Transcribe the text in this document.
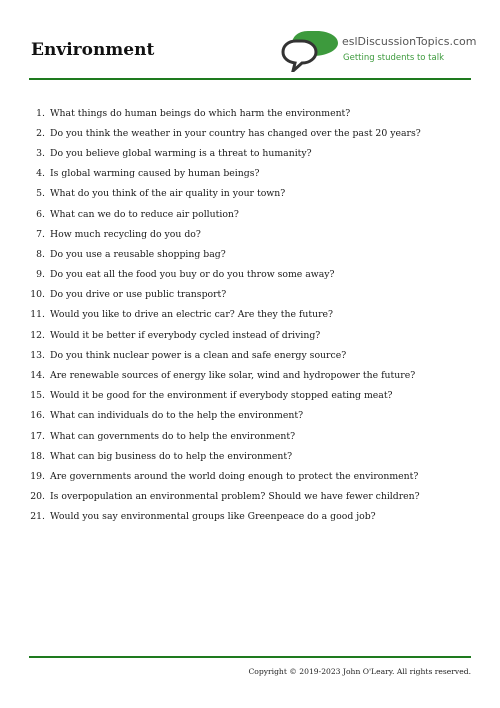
Environment	eslDiscussionTopics.com
Getting students to talk
1. What things do human beings do which harm the environment?
2. Do you think the weather in your country has changed over the past 20 years?
3. Do you believe global warming is a threat to humanity?
4. Is global warming caused by human beings?
5. What do you think of the air quality in your town?
6. What can we do to reduce air pollution?
7. How much recycling do you do?
8. Do you use a reusable shopping bag?
9. Do you eat all the food you buy or do you throw some away?
10. Do you drive or use public transport?
11. Would you like to drive an electric car? Are they the future?
12. Would it be better if everybody cycled instead of driving?
13. Do you think nuclear power is a clean and safe energy source?
14. Are renewable sources of energy like solar, wind and hydropower the future?
15. Would it be good for the environment if everybody stopped eating meat?
16. What can individuals do to the help the environment?
17. What can governments do to help the environment?
18. What can big business do to help the environment?
19. Are governments around the world doing enough to protect the environment?
20. Is overpopulation an environmental problem? Should we have fewer children?
21. Would you say environmental groups like Greenpeace do a good job?
Copyright © 2019-2023 John O'Leary. All rights reserved.
